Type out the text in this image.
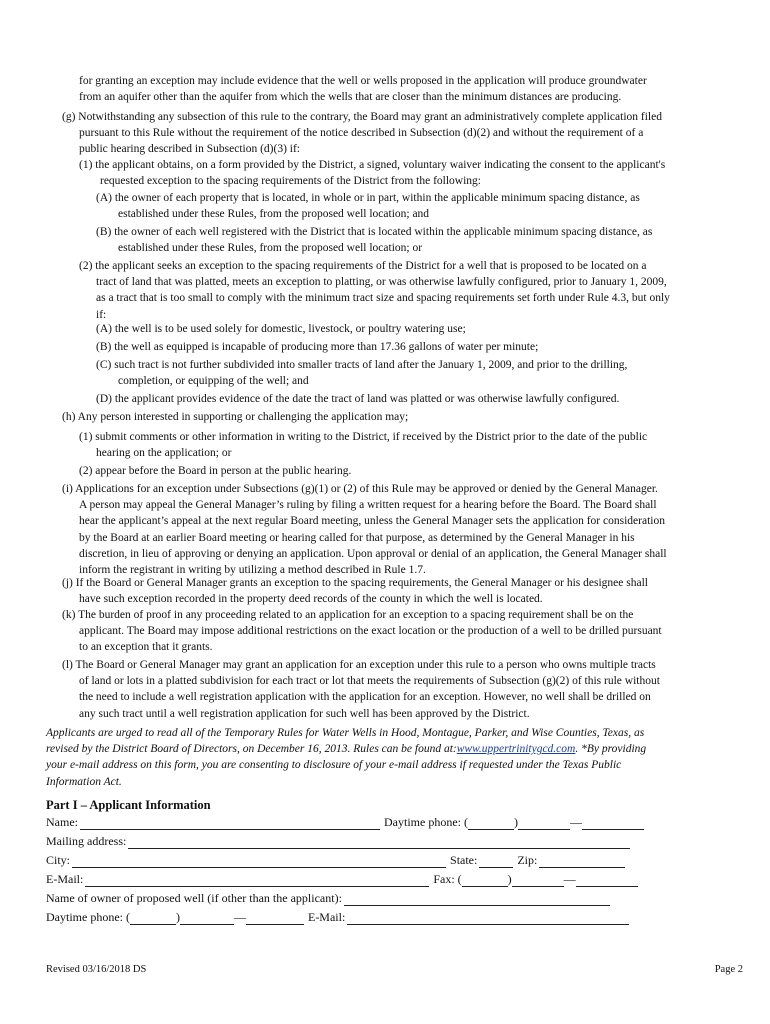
for granting an exception may include evidence that the well or wells proposed in the application will produce groundwater
from an aquifer other than the aquifer from which the wells that are closer than the minimum distances are producing.
(g) Notwithstanding any subsection of this rule to the contrary, the Board may grant an administratively complete application filed
pursuant to this Rule without the requirement of the notice described in Subsection (d)(2) and without the requirement of a
public hearing described in Subsection (d)(3) if:
(1) the applicant obtains, on a form provided by the District, a signed, voluntary waiver indicating the consent to the applicant's
requested exception to the spacing requirements of the District from the following:
(A) the owner of each property that is located, in whole or in part, within the applicable minimum spacing distance, as
established under these Rules, from the proposed well location; and
(B) the owner of each well registered with the District that is located within the applicable minimum spacing distance, as
established under these Rules, from the proposed well location; or
(2) the applicant seeks an exception to the spacing requirements of the District for a well that is proposed to be located on a
tract of land that was platted, meets an exception to platting, or was otherwise lawfully configured, prior to January 1, 2009,
as a tract that is too small to comply with the minimum tract size and spacing requirements set forth under Rule 4.3, but only
if:
(A) the well is to be used solely for domestic, livestock, or poultry watering use;
(B) the well as equipped is incapable of producing more than 17.36 gallons of water per minute;
(C) such tract is not further subdivided into smaller tracts of land after the January 1, 2009, and prior to the drilling,
completion, or equipping of the well; and
(D) the applicant provides evidence of the date the tract of land was platted or was otherwise lawfully configured.
(h) Any person interested in supporting or challenging the application may;
(1) submit comments or other information in writing to the District, if received by the District prior to the date of the public
hearing on the application; or
(2) appear before the Board in person at the public hearing.
(i) Applications for an exception under Subsections (g)(1) or (2) of this Rule may be approved or denied by the General Manager.
A person may appeal the General Manager’s ruling by filing a written request for a hearing before the Board. The Board shall
hear the applicant’s appeal at the next regular Board meeting, unless the General Manager sets the application for consideration
by the Board at an earlier Board meeting or hearing called for that purpose, as determined by the General Manager in his
discretion, in lieu of approving or denying an application. Upon approval or denial of an application, the General Manager shall
inform the registrant in writing by utilizing a method described in Rule 1.7.
(j) If the Board or General Manager grants an exception to the spacing requirements, the General Manager or his designee shall
have such exception recorded in the property deed records of the county in which the well is located.
(k) The burden of proof in any proceeding related to an application for an exception to a spacing requirement shall be on the
applicant. The Board may impose additional restrictions on the exact location or the production of a well to be drilled pursuant
to an exception that it grants.
(l) The Board or General Manager may grant an application for an exception under this rule to a person who owns multiple tracts
of land or lots in a platted subdivision for each tract or lot that meets the requirements of Subsection (g)(2) of this rule without
the need to include a well registration application with the application for an exception. However, no well shall be drilled on
any such tract until a well registration application for such well has been approved by the District.
Applicants are urged to read all of the Temporary Rules for Water Wells in Hood, Montague, Parker, and Wise Counties, Texas, as
revised by the District Board of Directors, on December 16, 2013. Rules can be found at:www.uppertrinitygcd.com. *By providing
your e-mail address on this form, you are consenting to disclosure of your e-mail address if requested under the Texas Public
Information Act.
Part I – Applicant Information
Name:	Daytime phone: (	)	—
Mailing address:
City:	State:	Zip:
E-Mail:	Fax: (	)	—
Name of owner of proposed well (if other than the applicant):
Daytime phone: (	)	—	E-Mail:
Revised 03/16/2018 DS	Page 2
